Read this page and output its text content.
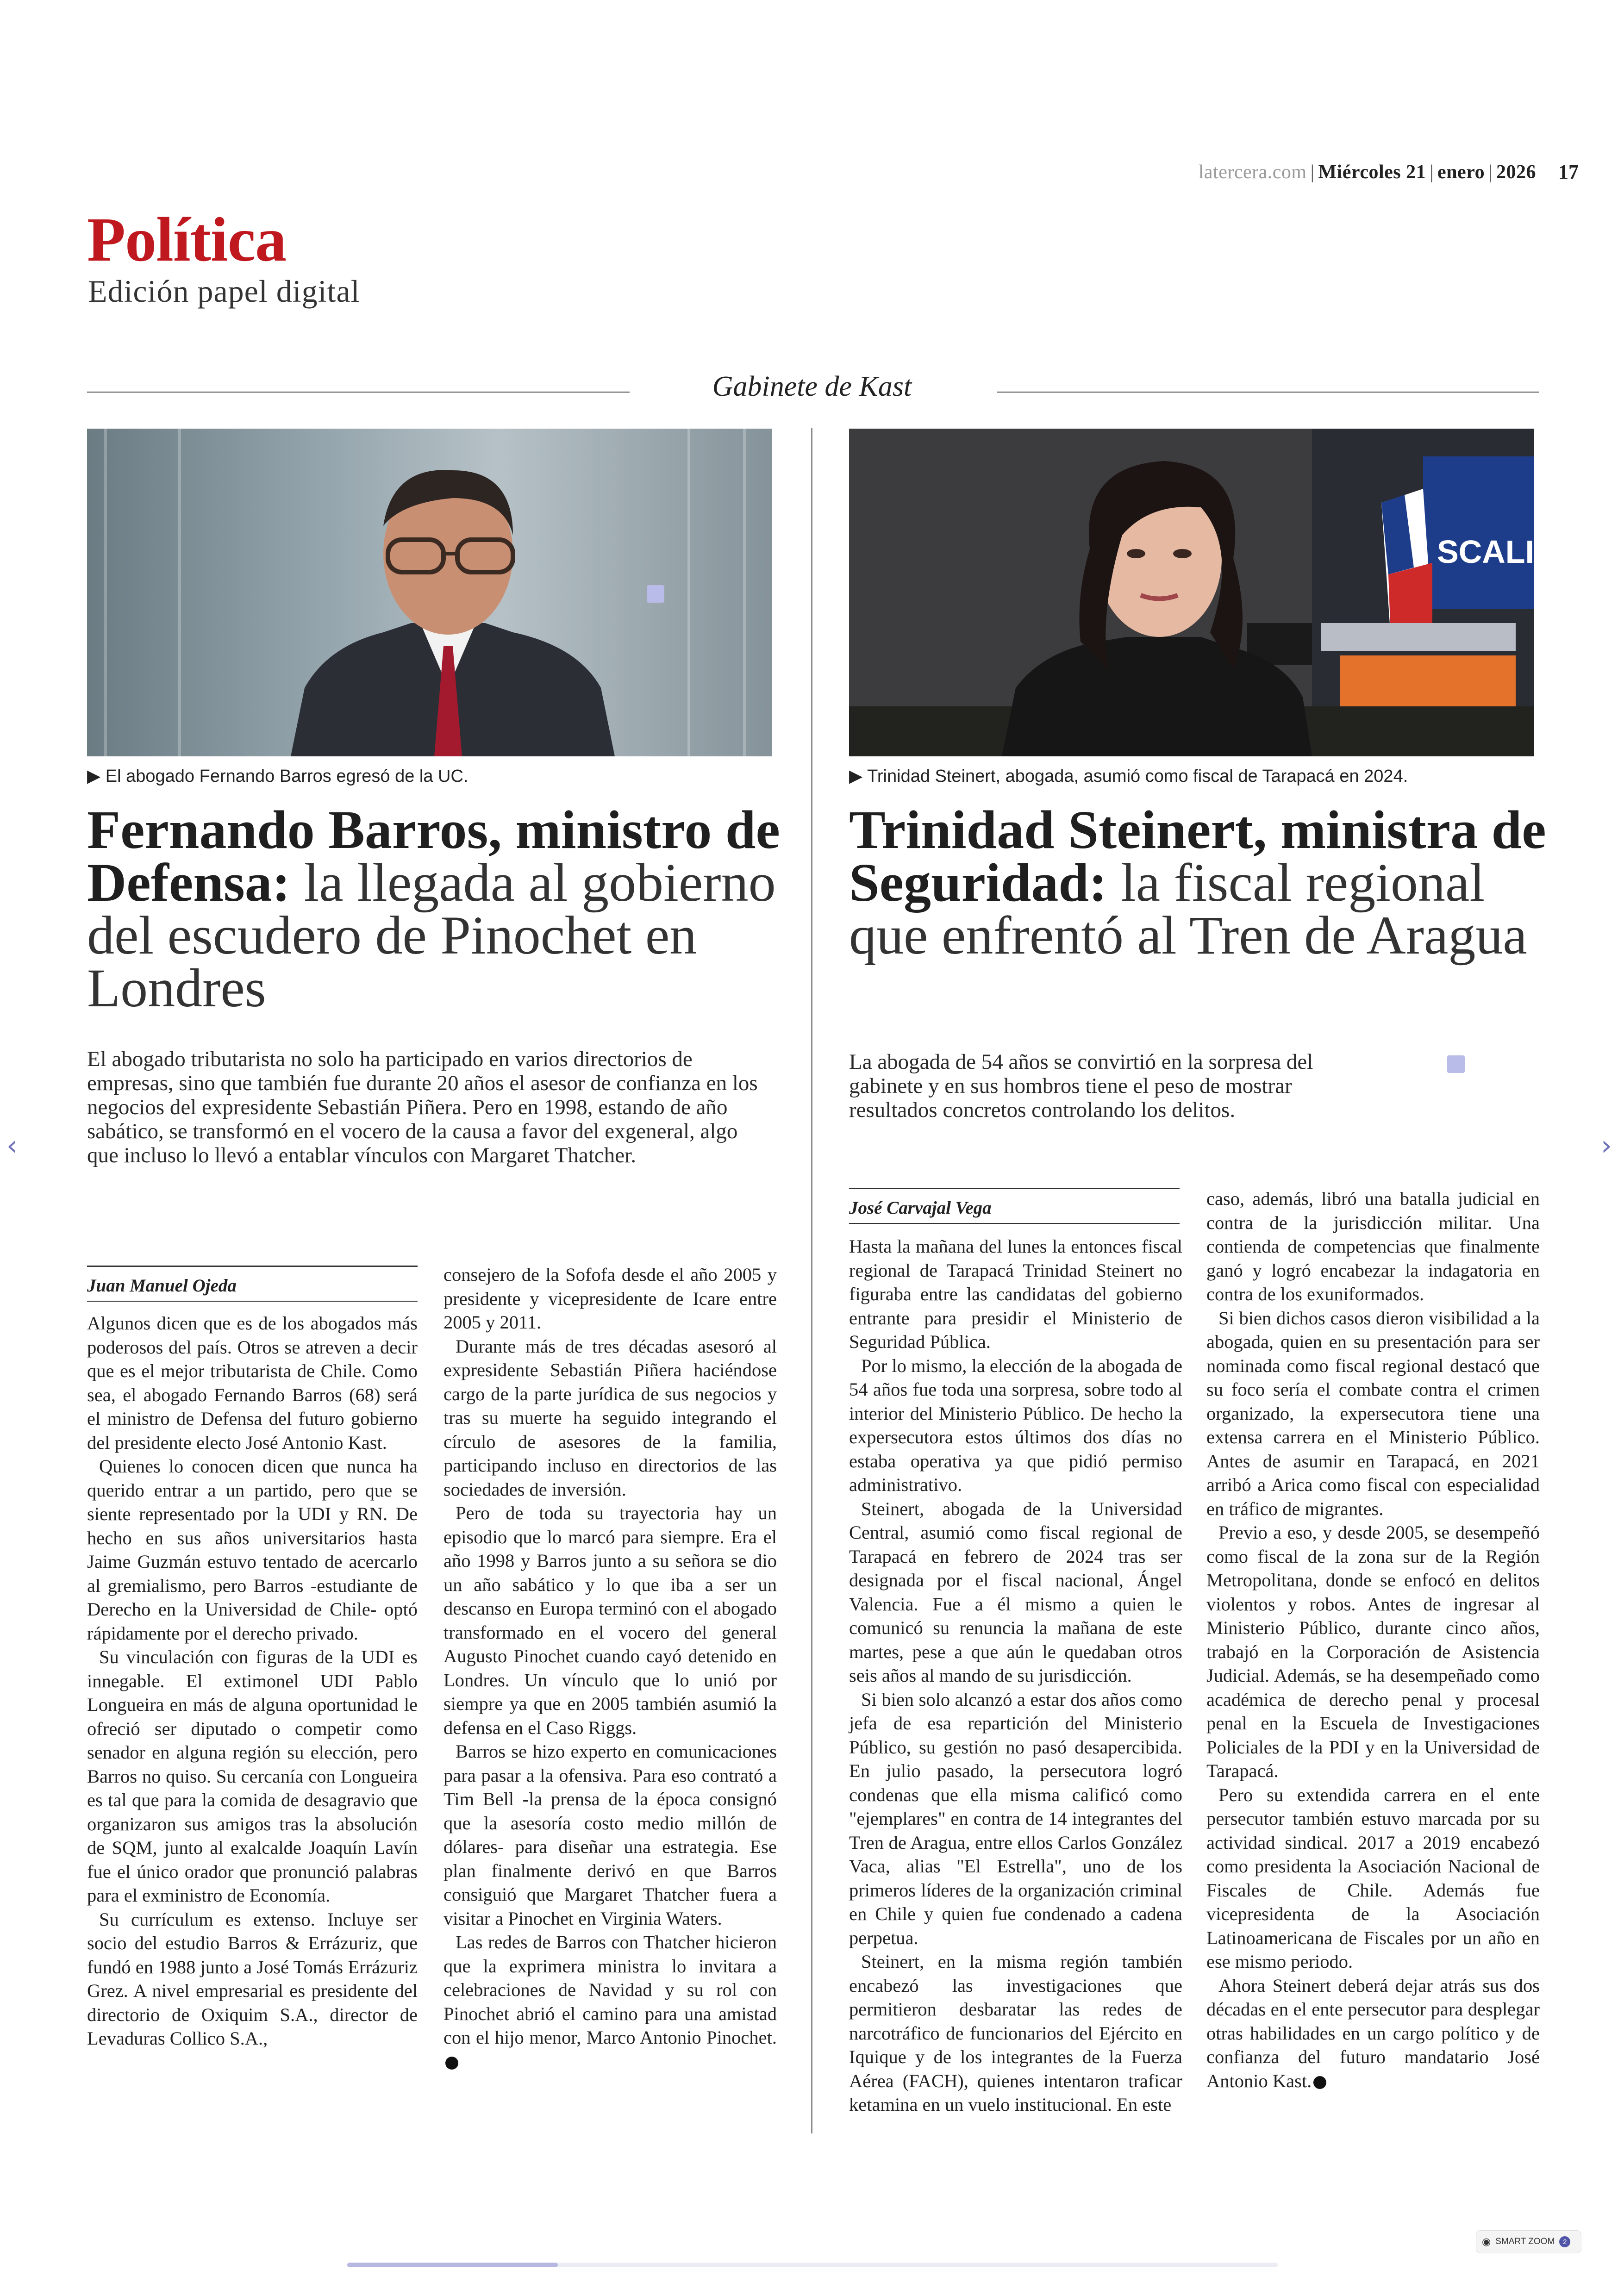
latercera.com | Miércoles 21 | enero | 2026 17
Política
Edición papel digital
Gabinete de Kast
▶ El abogado Fernando Barros egresó de la UC.
Fernando Barros, ministro de Defensa: la llegada al gobierno del escudero de Pinochet en Londres
El abogado tributarista no solo ha participado en varios directorios de empresas, sino que también fue durante 20 años el asesor de confianza en los negocios del expresidente Sebastián Piñera. Pero en 1998, estando de año sabático, se transformó en el vocero de la causa a favor del exgeneral, algo que incluso lo llevó a entablar vínculos con Margaret Thatcher.
Juan Manuel Ojeda

Algunos dicen que es de los abogados más poderosos del país. Otros se atreven a decir que es el mejor tributarista de Chile. Como sea, el abogado Fernando Barros (68) será el ministro de Defensa del futuro gobierno del presidente electo José Antonio Kast.

Quienes lo conocen dicen que nunca ha querido entrar a un partido, pero que se siente representado por la UDI y RN. De hecho en sus años universitarios hasta Jaime Guzmán estuvo tentado de acercarlo al gremialismo, pero Barros -estudiante de Derecho en la Universidad de Chile- optó rápidamente por el derecho privado.

Su vinculación con figuras de la UDI es innegable. El extimonel UDI Pablo Longueira en más de alguna oportunidad le ofreció ser diputado o competir como senador en alguna región su elección, pero Barros no quiso. Su cercanía con Longueira es tal que para la comida de desagravio que organizaron sus amigos tras la absolución de SQM, junto al exalcalde Joaquín Lavín fue el único orador que pronunció palabras para el exministro de Economía.

Su currículum es extenso. Incluye ser socio del estudio Barros & Errázuriz, que fundó en 1988 junto a José Tomás Errázuriz Grez. A nivel empresarial es presidente del directorio de Oxiquim S.A., director de Levaduras Collico S.A.,

consejero de la Sofofa desde el año 2005 y presidente y vicepresidente de Icare entre 2005 y 2011.

Durante más de tres décadas asesoró al expresidente Sebastián Piñera haciéndose cargo de la parte jurídica de sus negocios y tras su muerte ha seguido integrando el círculo de asesores de la familia, participando incluso en directorios de las sociedades de inversión.

Pero de toda su trayectoria hay un episodio que lo marcó para siempre. Era el año 1998 y Barros junto a su señora se dio un año sabático y lo que iba a ser un descanso en Europa terminó con el abogado transformado en el vocero del general Augusto Pinochet cuando cayó detenido en Londres. Un vínculo que lo unió por siempre ya que en 2005 también asumió la defensa en el Caso Riggs.

Barros se hizo experto en comunicaciones para pasar a la ofensiva. Para eso contrató a Tim Bell -la prensa de la época consignó que la asesoría costo medio millón de dólares- para diseñar una estrategia. Ese plan finalmente derivó en que Barros consiguió que Margaret Thatcher fuera a visitar a Pinochet en Virginia Waters.

Las redes de Barros con Thatcher hicieron que la exprimera ministra lo invitara a celebraciones de Navidad y su rol con Pinochet abrió el camino para una amistad con el hijo menor, Marco Antonio Pinochet.

SCALIA
▶ Trinidad Steinert, abogada, asumió como fiscal de Tarapacá en 2024.
Trinidad Steinert, ministra de Seguridad: la fiscal regional que enfrentó al Tren de Aragua
La abogada de 54 años se convirtió en la sorpresa del gabinete y en sus hombros tiene el peso de mostrar resultados concretos controlando los delitos.
José Carvajal Vega

Hasta la mañana del lunes la entonces fiscal regional de Tarapacá Trinidad Steinert no figuraba entre las candidatas del gobierno entrante para presidir el Ministerio de Seguridad Pública.

Por lo mismo, la elección de la abogada de 54 años fue toda una sorpresa, sobre todo al interior del Ministerio Público. De hecho la expersecutora estos últimos dos días no estaba operativa ya que pidió permiso administrativo.

Steinert, abogada de la Universidad Central, asumió como fiscal regional de Tarapacá en febrero de 2024 tras ser designada por el fiscal nacional, Ángel Valencia. Fue a él mismo a quien le comunicó su renuncia la mañana de este martes, pese a que aún le quedaban otros seis años al mando de su jurisdicción.

Si bien solo alcanzó a estar dos años como jefa de esa repartición del Ministerio Público, su gestión no pasó desapercibida. En julio pasado, la persecutora logró condenas que ella misma calificó como "ejemplares" en contra de 14 integrantes del Tren de Aragua, entre ellos Carlos González Vaca, alias "El Estrella", uno de los primeros líderes de la organización criminal en Chile y quien fue condenado a cadena perpetua.

Steinert, en la misma región también encabezó las investigaciones que permitieron desbaratar las redes de narcotráfico de funcionarios del Ejército en Iquique y de los integrantes de la Fuerza Aérea (FACH), quienes intentaron traficar ketamina en un vuelo institucional. En este

caso, además, libró una batalla judicial en contra de la jurisdicción militar. Una contienda de competencias que finalmente ganó y logró encabezar la indagatoria en contra de los exuniformados.

Si bien dichos casos dieron visibilidad a la abogada, quien en su presentación para ser nominada como fiscal regional destacó que su foco sería el combate contra el crimen organizado, la expersecutora tiene una extensa carrera en el Ministerio Público. Antes de asumir en Tarapacá, en 2021 arribó a Arica como fiscal con especialidad en tráfico de migrantes.

Previo a eso, y desde 2005, se desempeñó como fiscal de la zona sur de la Región Metropolitana, donde se enfocó en delitos violentos y robos. Antes de ingresar al Ministerio Público, durante cinco años, trabajó en la Corporación de Asistencia Judicial. Además, se ha desempeñado como académica de derecho penal y procesal penal en la Escuela de Investigaciones Policiales de la PDI y en la Universidad de Tarapacá.

Pero su extendida carrera en el ente persecutor también estuvo marcada por su actividad sindical. 2017 a 2019 encabezó como presidenta la Asociación Nacional de Fiscales de Chile. Además fue vicepresidenta de la Asociación Latinoamericana de Fiscales por un año en ese mismo periodo.

Ahora Steinert deberá dejar atrás sus dos décadas en el ente persecutor para desplegar otras habilidades en un cargo político y de confianza del futuro mandatario José Antonio Kast.

‹	›
◉ SMART ZOOM	2
